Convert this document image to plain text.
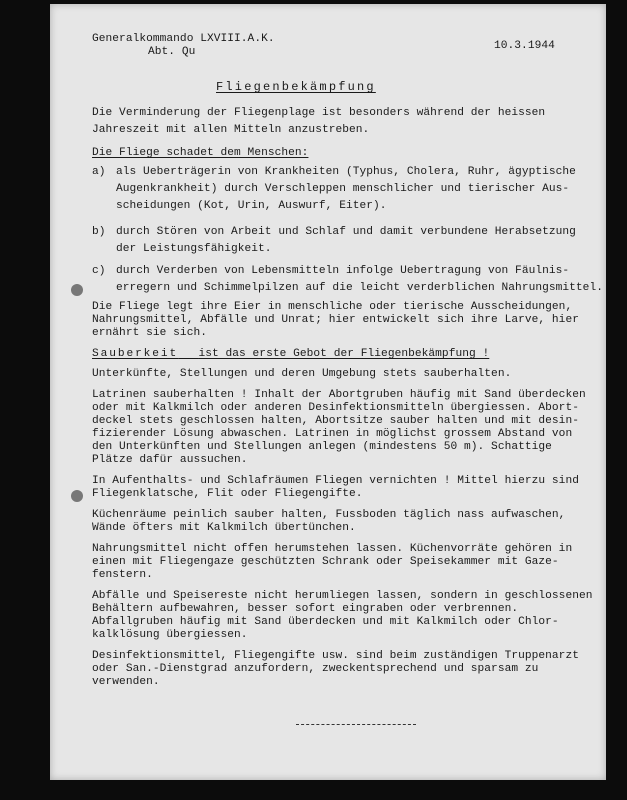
Generalkommando LXVIII.A.K.
Abt. Qu	10.3.1944
Fliegenbekämpfung
Die Verminderung der Fliegenplage ist besonders während der heissen
Jahreszeit mit allen Mitteln anzustreben.
Die Fliege schadet dem Menschen:
a) als Ueberträgerin von Krankheiten (Typhus, Cholera, Ruhr, ägyptische
Augenkrankheit) durch Verschleppen menschlicher und tierischer Aus-
scheidungen (Kot, Urin, Auswurf, Eiter).
b) durch Stören von Arbeit und Schlaf und damit verbundene Herabsetzung
der Leistungsfähigkeit.
c) durch Verderben von Lebensmitteln infolge Uebertragung von Fäulnis-
erregern und Schimmelpilzen auf die leicht verderblichen Nahrungsmittel.
Die Fliege legt ihre Eier in menschliche oder tierische Ausscheidungen,
Nahrungsmittel, Abfälle und Unrat; hier entwickelt sich ihre Larve, hier
ernährt sie sich.
Sauberkeit ist das erste Gebot der Fliegenbekämpfung !
Unterkünfte, Stellungen und deren Umgebung stets sauberhalten.
Latrinen sauberhalten ! Inhalt der Abortgruben häufig mit Sand überdecken
oder mit Kalkmilch oder anderen Desinfektionsmitteln übergiessen. Abort-
deckel stets geschlossen halten, Abortsitze sauber halten und mit desin-
fizierender Lösung abwaschen. Latrinen in möglichst grossem Abstand von
den Unterkünften und Stellungen anlegen (mindestens 50 m). Schattige
Plätze dafür aussuchen.
In Aufenthalts- und Schlafräumen Fliegen vernichten ! Mittel hierzu sind
Fliegenklatsche, Flit oder Fliegengifte.
Küchenräume peinlich sauber halten, Fussboden täglich nass aufwaschen,
Wände öfters mit Kalkmilch übertünchen.
Nahrungsmittel nicht offen herumstehen lassen. Küchenvorräte gehören in
einen mit Fliegengaze geschützten Schrank oder Speisekammer mit Gaze-
fenstern.
Abfälle und Speisereste nicht herumliegen lassen, sondern in geschlossenen
Behältern aufbewahren, besser sofort eingraben oder verbrennen.
Abfallgruben häufig mit Sand überdecken und mit Kalkmilch oder Chlor-
kalklösung übergiessen.
Desinfektionsmittel, Fliegengifte usw. sind beim zuständigen Truppenarzt
oder San.-Dienstgrad anzufordern, zweckentsprechend und sparsam zu
verwenden.
